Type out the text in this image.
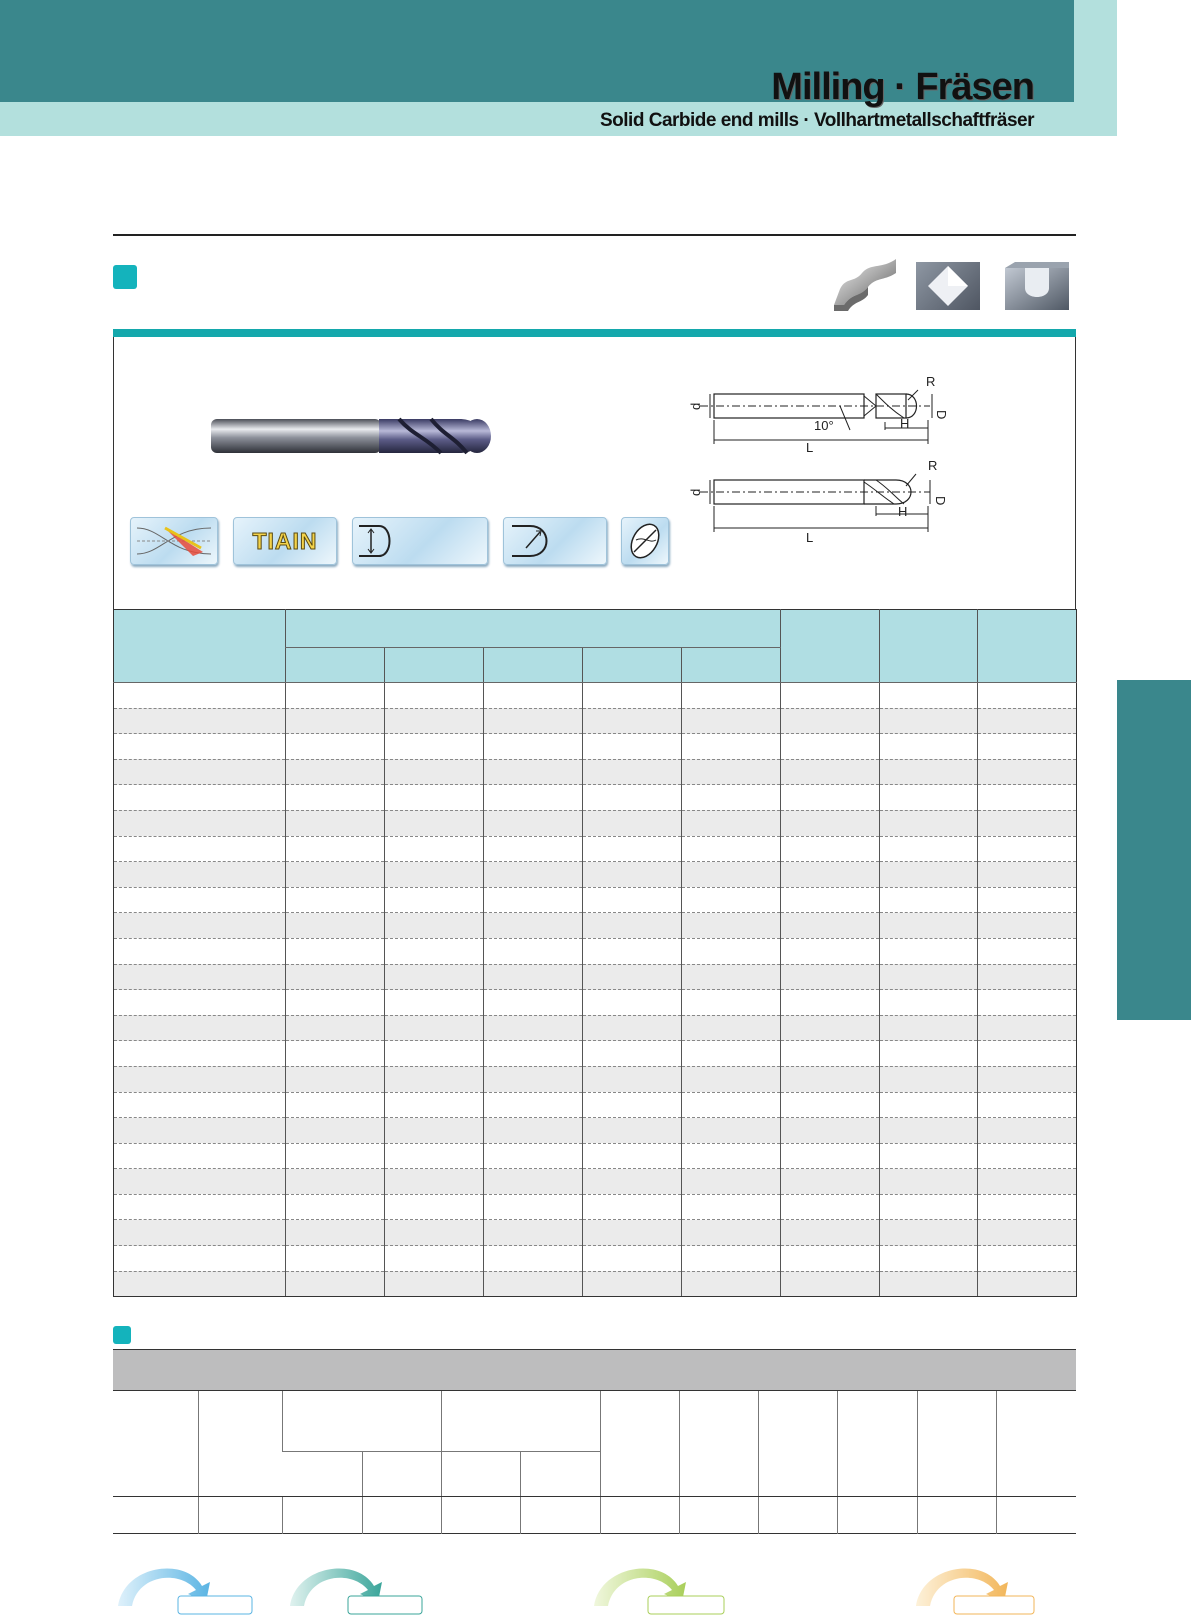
Milling · Fräsen
Solid Carbide end mills · Vollhartmetallschaftfräser
TIAIN
R
d
D
H
L
10°
R
d
D
H
L
